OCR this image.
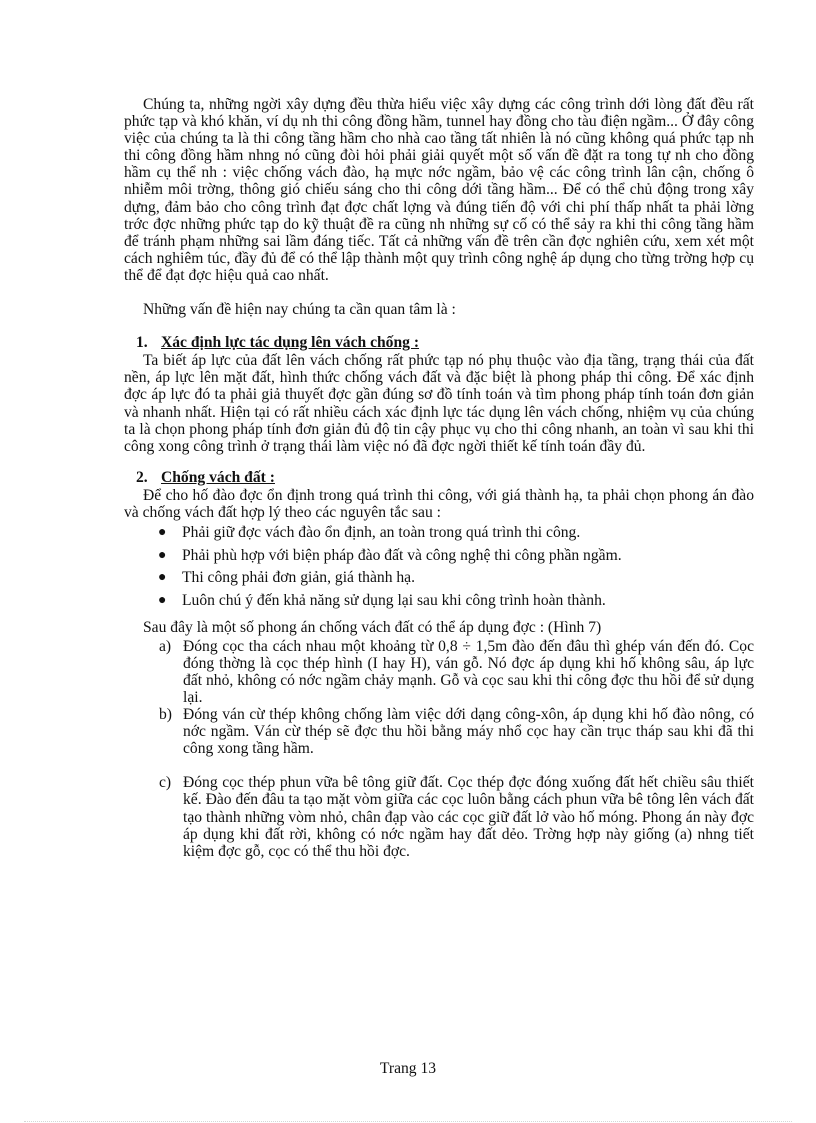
Chúng ta, những ngời xây dựng đều thừa hiểu việc xây dựng các công trình dới lòng đất đều rất phức tạp và khó khăn, ví dụ nh thi công đồng hầm, tunnel hay đồng cho tàu điện ngầm... Ở đây công việc của chúng ta là thi công tầng hầm cho nhà cao tầng tất nhiên là nó cũng không quá phức tạp nh thi công đồng hầm nhng nó cũng đòi hỏi phải giải quyết một số vấn đề đặt ra tong tự nh cho đồng hầm cụ thể nh : việc chống vách đào, hạ mực nớc ngầm, bảo vệ các công trình lân cận, chống ô nhiễm môi trờng, thông gió chiếu sáng cho thi công dới tầng hầm... Để có thể chủ động trong xây dựng, đảm bảo cho công trình đạt đợc chất lợng và đúng tiến độ với chi phí thấp nhất ta phải lờng trớc đợc những phức tạp do kỹ thuật đề ra cũng nh những sự cố có thể sảy ra khi thi công tầng hầm để tránh phạm những sai lầm đáng tiếc. Tất cả những vấn đề trên cần đợc nghiên cứu, xem xét một cách nghiêm túc, đầy đủ để có thể lập thành một quy trình công nghệ áp dụng cho từng trờng hợp cụ thể để đạt đợc hiệu quả cao nhất.

Những vấn đề hiện nay chúng ta cần quan tâm là :

1. Xác định lực tác dụng lên vách chống :

Ta biết áp lực của đất lên vách chống rất phức tạp nó phụ thuộc vào địa tầng, trạng thái của đất nền, áp lực lên mặt đất, hình thức chống vách đất và đặc biệt là phong pháp thi công. Để xác định đợc áp lực đó ta phải giả thuyết đợc gần đúng sơ đồ tính toán và tìm phong pháp tính toán đơn giản và nhanh nhất. Hiện tại có rất nhiều cách xác định lực tác dụng lên vách chống, nhiệm vụ của chúng ta là chọn phong pháp tính đơn giản đủ độ tin cậy phục vụ cho thi công nhanh, an toàn vì sau khi thi công xong công trình ở trạng thái làm việc nó đã đợc ngời thiết kế tính toán đầy đủ.

2. Chống vách đất :

Để cho hố đào đợc ổn định trong quá trình thi công, với giá thành hạ, ta phải chọn phong án đào và chống vách đất hợp lý theo các nguyên tắc sau :

● Phải giữ đợc vách đào ổn định, an toàn trong quá trình thi công.
● Phải phù hợp với biện pháp đào đất và công nghệ thi công phần ngầm.
● Thi công phải đơn giản, giá thành hạ.
● Luôn chú ý đến khả năng sử dụng lại sau khi công trình hoàn thành.

Sau đây là một số phong án chống vách đất có thể áp dụng đợc : (Hình 7)

a) Đóng cọc tha cách nhau một khoảng từ 0,8 ÷ 1,5m đào đến đâu thì ghép ván đến đó. Cọc đóng thờng là cọc thép hình (I hay H), ván gỗ. Nó đợc áp dụng khi hố không sâu, áp lực đất nhỏ, không có nớc ngầm chảy mạnh. Gỗ và cọc sau khi thi công đợc thu hồi để sử dụng lại.
b) Đóng ván cừ thép không chống làm việc dới dạng công-xôn, áp dụng khi hố đào nông, có nớc ngầm. Ván cừ thép sẽ đợc thu hồi bằng máy nhổ cọc hay cần trục tháp sau khi đã thi công xong tầng hầm.
c) Đóng cọc thép phun vữa bê tông giữ đất. Cọc thép đợc đóng xuống đất hết chiều sâu thiết kế. Đào đến đâu ta tạo mặt vòm giữa các cọc luôn bằng cách phun vữa bê tông lên vách đất tạo thành những vòm nhỏ, chân đạp vào các cọc giữ đất lở vào hố móng. Phong án này đợc áp dụng khi đất rời, không có nớc ngầm hay đất dẻo. Trờng hợp này giống (a) nhng tiết kiệm đợc gỗ, cọc có thể thu hồi đợc.
Trang 13
